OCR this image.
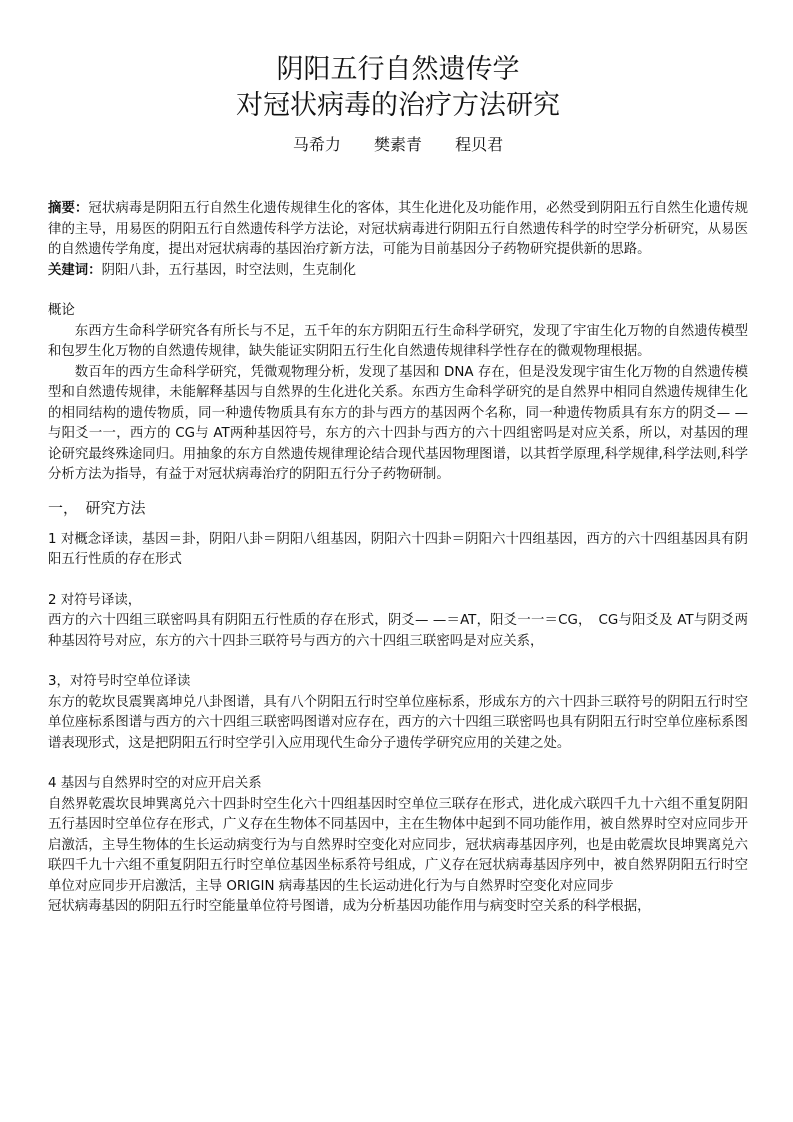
阴阳五行自然遗传学
对冠状病毒的治疗方法研究
马希力 樊素青 程贝君

摘要：冠状病毒是阴阳五行自然生化遗传规律生化的客体，其生化进化及功能作用，必然受到阴阳五行自然生化遗传规律的主导，用易医的阴阳五行自然遗传科学方法论，对冠状病毒进行阴阳五行自然遗传科学的时空学分析研究，从易医的自然遗传学角度，提出对冠状病毒的基因治疗新方法，可能为目前基因分子药物研究提供新的思路。

关建词：阴阳八卦，五行基因，时空法则，生克制化

概论

东西方生命科学研究各有所长与不足，五千年的东方阴阳五行生命科学研究，发现了宇宙生化万物的自然遗传模型和包罗生化万物的自然遗传规律，缺失能证实阴阳五行生化自然遗传规律科学性存在的微观物理根据。

数百年的西方生命科学研究，凭微观物理分析，发现了基因和 DNA 存在，但是没发现宇宙生化万物的自然遗传模型和自然遗传规律，未能解释基因与自然界的生化进化关系。东西方生命科学研究的是自然界中相同自然遗传规律生化的相同结构的遗传物质，同一种遗传物质具有东方的卦与西方的基因两个名称，同一种遗传物质具有东方的阴爻— —与阳爻一一，西方的 CG与 AT两种基因符号，东方的六十四卦与西方的六十四组密吗是对应关系，所以，对基因的理论研究最终殊途同归。用抽象的东方自然遗传规律理论结合现代基因物理图谱，以其哲学原理,科学规律,科学法则,科学分析方法为指导，有益于对冠状病毒治疗的阴阳五行分子药物研制。

一，　研究方法

1 对概念译读，基因＝卦，阴阳八卦＝阴阳八组基因，阴阳六十四卦＝阴阳六十四组基因，西方的六十四组基因具有阴阳五行性质的存在形式

2 对符号译读，

西方的六十四组三联密吗具有阴阳五行性质的存在形式，阴爻— —＝AT，阳爻一一＝CG，　CG与阳爻及 AT与阴爻两种基因符号对应，东方的六十四卦三联符号与西方的六十四组三联密吗是对应关系，

3，对符号时空单位译读

东方的乾坎艮震巽离坤兑八卦图谱，具有八个阴阳五行时空单位座标系，形成东方的六十四卦三联符号的阴阳五行时空单位座标系图谱与西方的六十四组三联密吗图谱对应存在，西方的六十四组三联密吗也具有阴阳五行时空单位座标系图谱表现形式，这是把阴阳五行时空学引入应用现代生命分子遗传学研究应用的关建之处。

4 基因与自然界时空的对应开启关系

自然界乾震坎艮坤巽离兑六十四卦时空生化六十四组基因时空单位三联存在形式，进化成六联四千九十六组不重复阴阳五行基因时空单位存在形式，广义存在生物体不同基因中，主在生物体中起到不同功能作用，被自然界时空对应同步开启激活，主导生物体的生长运动病变行为与自然界时空变化对应同步，冠状病毒基因序列，也是由乾震坎艮坤巽离兑六联四千九十六组不重复阴阳五行时空单位基因坐标系符号组成，广义存在冠状病毒基因序列中，被自然界阴阳五行时空单位对应同步开启激活，主导 ORIGIN 病毒基因的生长运动进化行为与自然界时空变化对应同步

冠状病毒基因的阴阳五行时空能量单位符号图谱，成为分析基因功能作用与病变时空关系的科学根据，
